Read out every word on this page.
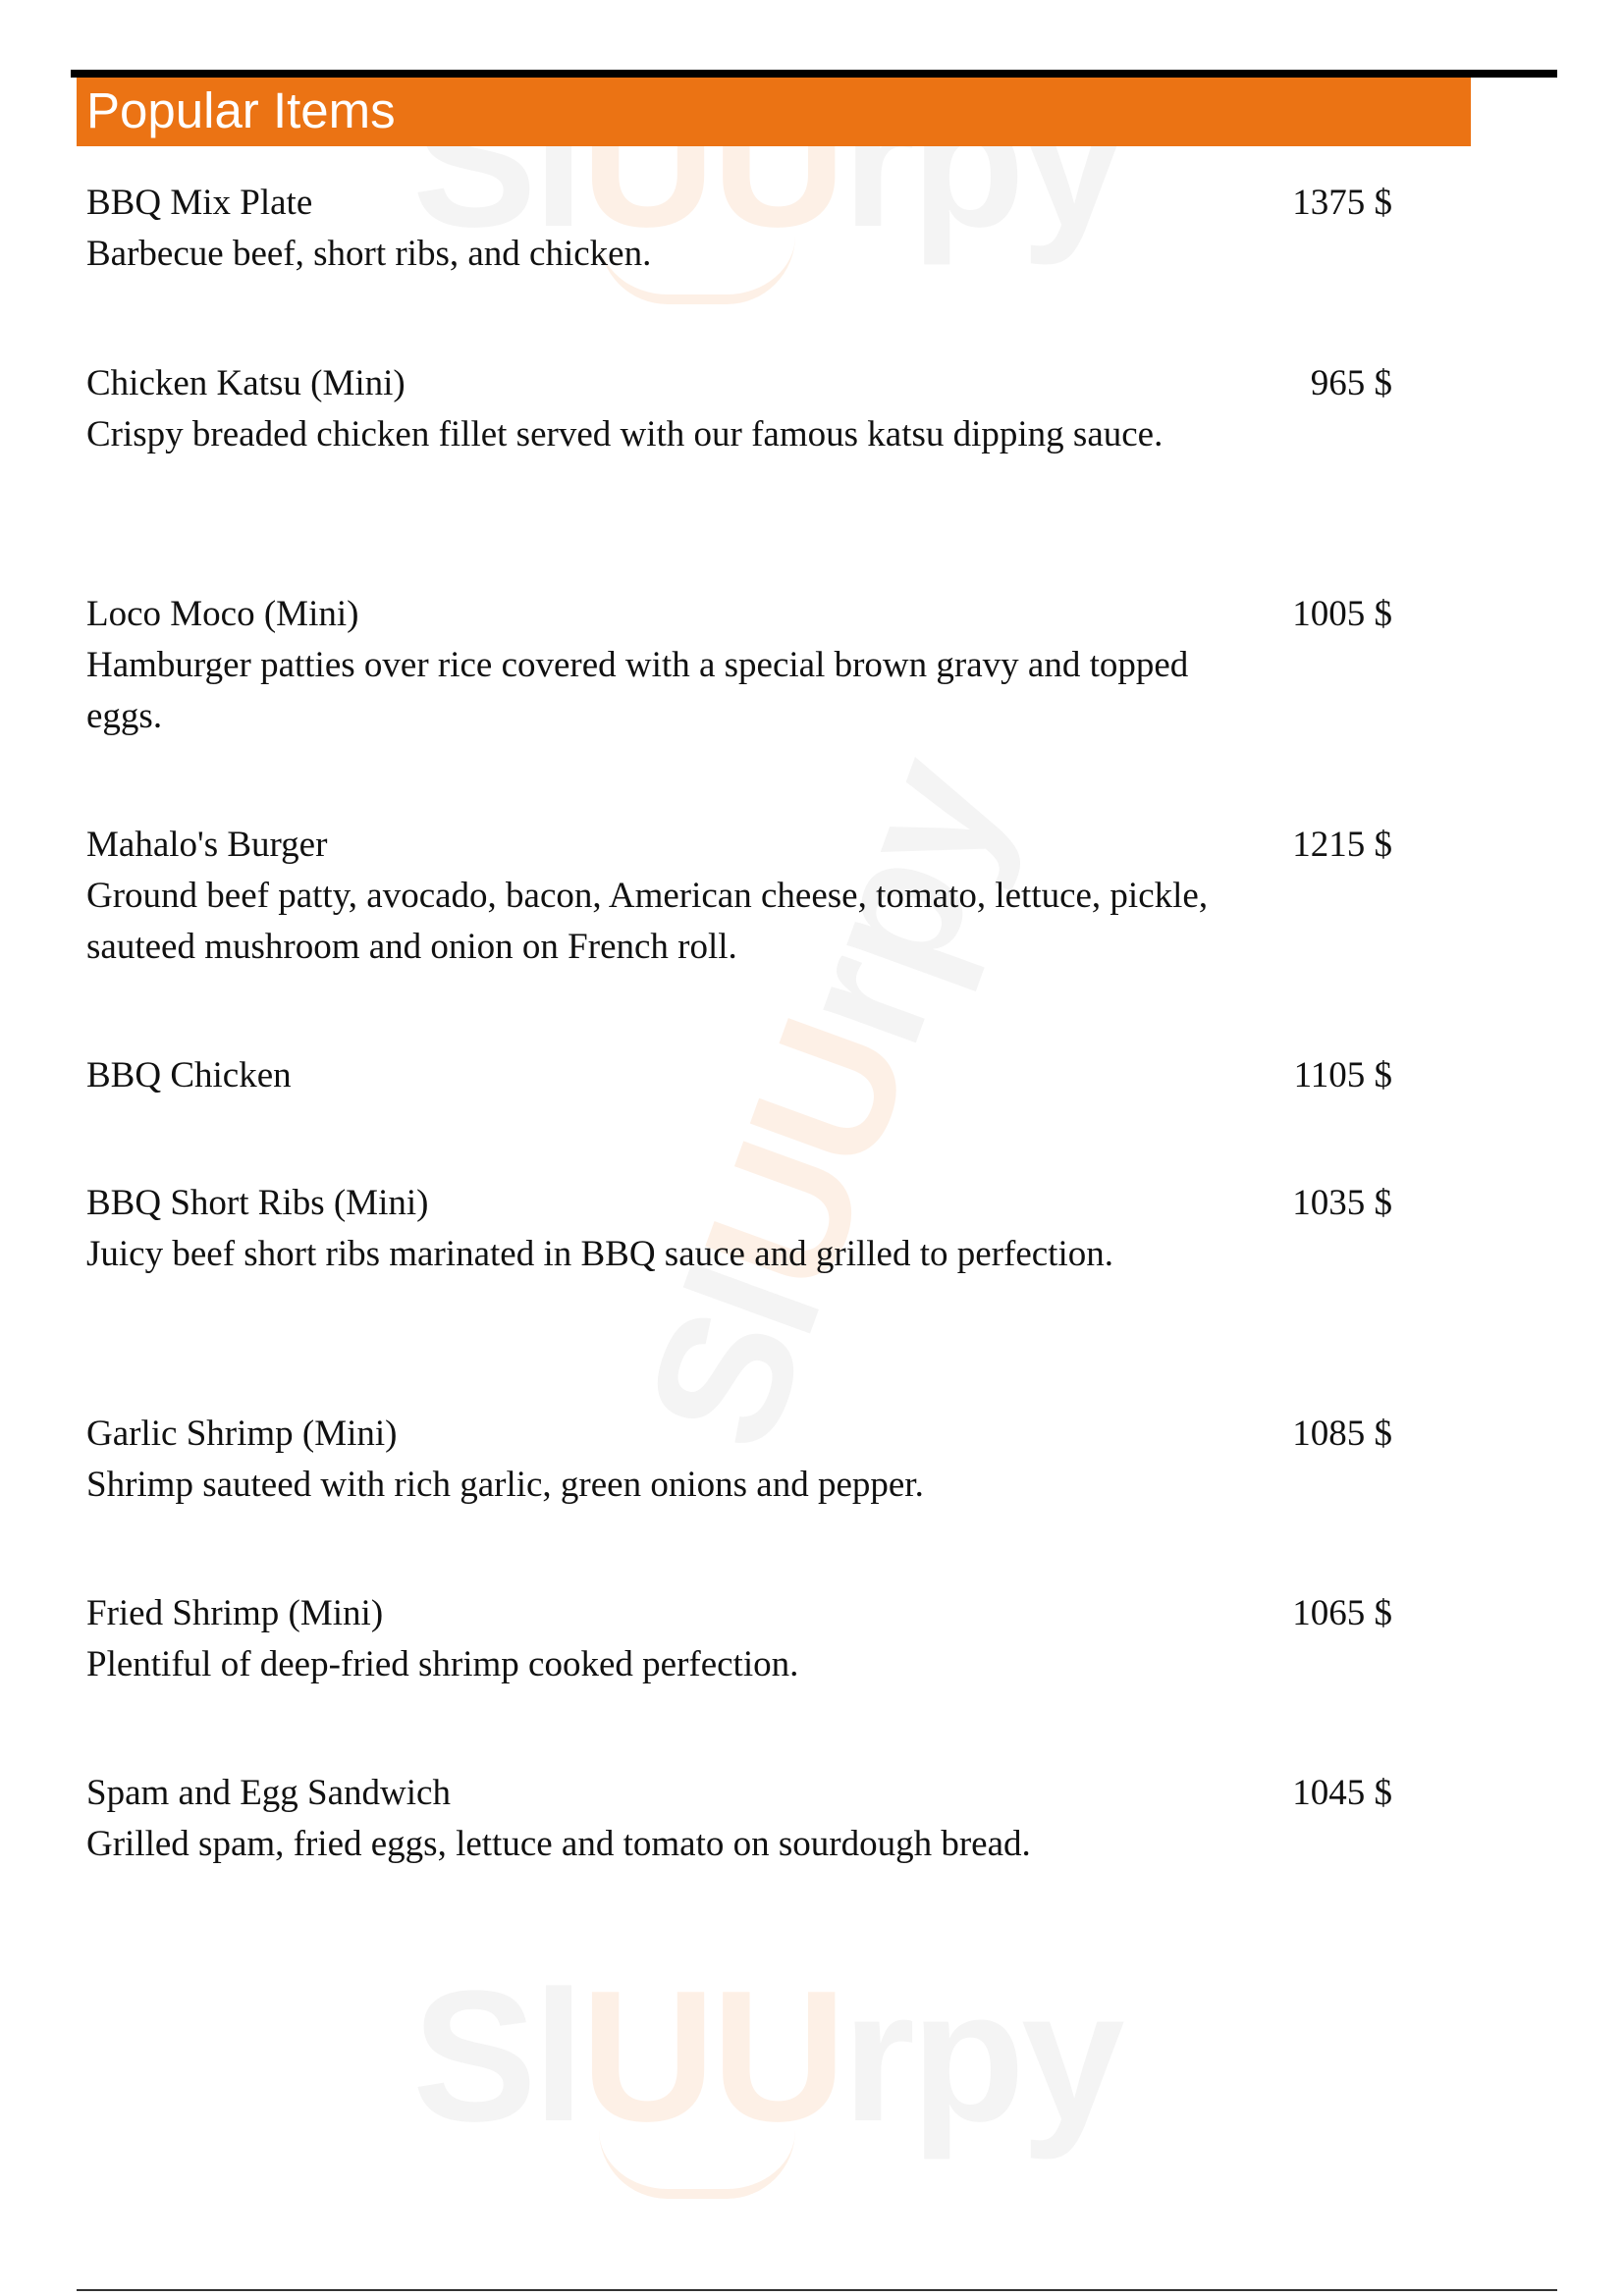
SlUUrpy
SlUUrpy
SlUUrpy
Popular Items
BBQ Mix Plate	1375 $
Barbecue beef, short ribs, and chicken.
Chicken Katsu (Mini)	965 $
Crispy breaded chicken fillet served with our famous katsu dipping sauce.
Loco Moco (Mini)	1005 $
Hamburger patties over rice covered with a special brown gravy and topped eggs.
Mahalo's Burger	1215 $
Ground beef patty, avocado, bacon, American cheese, tomato, lettuce, pickle, sauteed mushroom and onion on French roll.
BBQ Chicken	1105 $
BBQ Short Ribs (Mini)	1035 $
Juicy beef short ribs marinated in BBQ sauce and grilled to perfection.
Garlic Shrimp (Mini)	1085 $
Shrimp sauteed with rich garlic, green onions and pepper.
Fried Shrimp (Mini)	1065 $
Plentiful of deep-fried shrimp cooked perfection.
Spam and Egg Sandwich	1045 $
Grilled spam, fried eggs, lettuce and tomato on sourdough bread.
